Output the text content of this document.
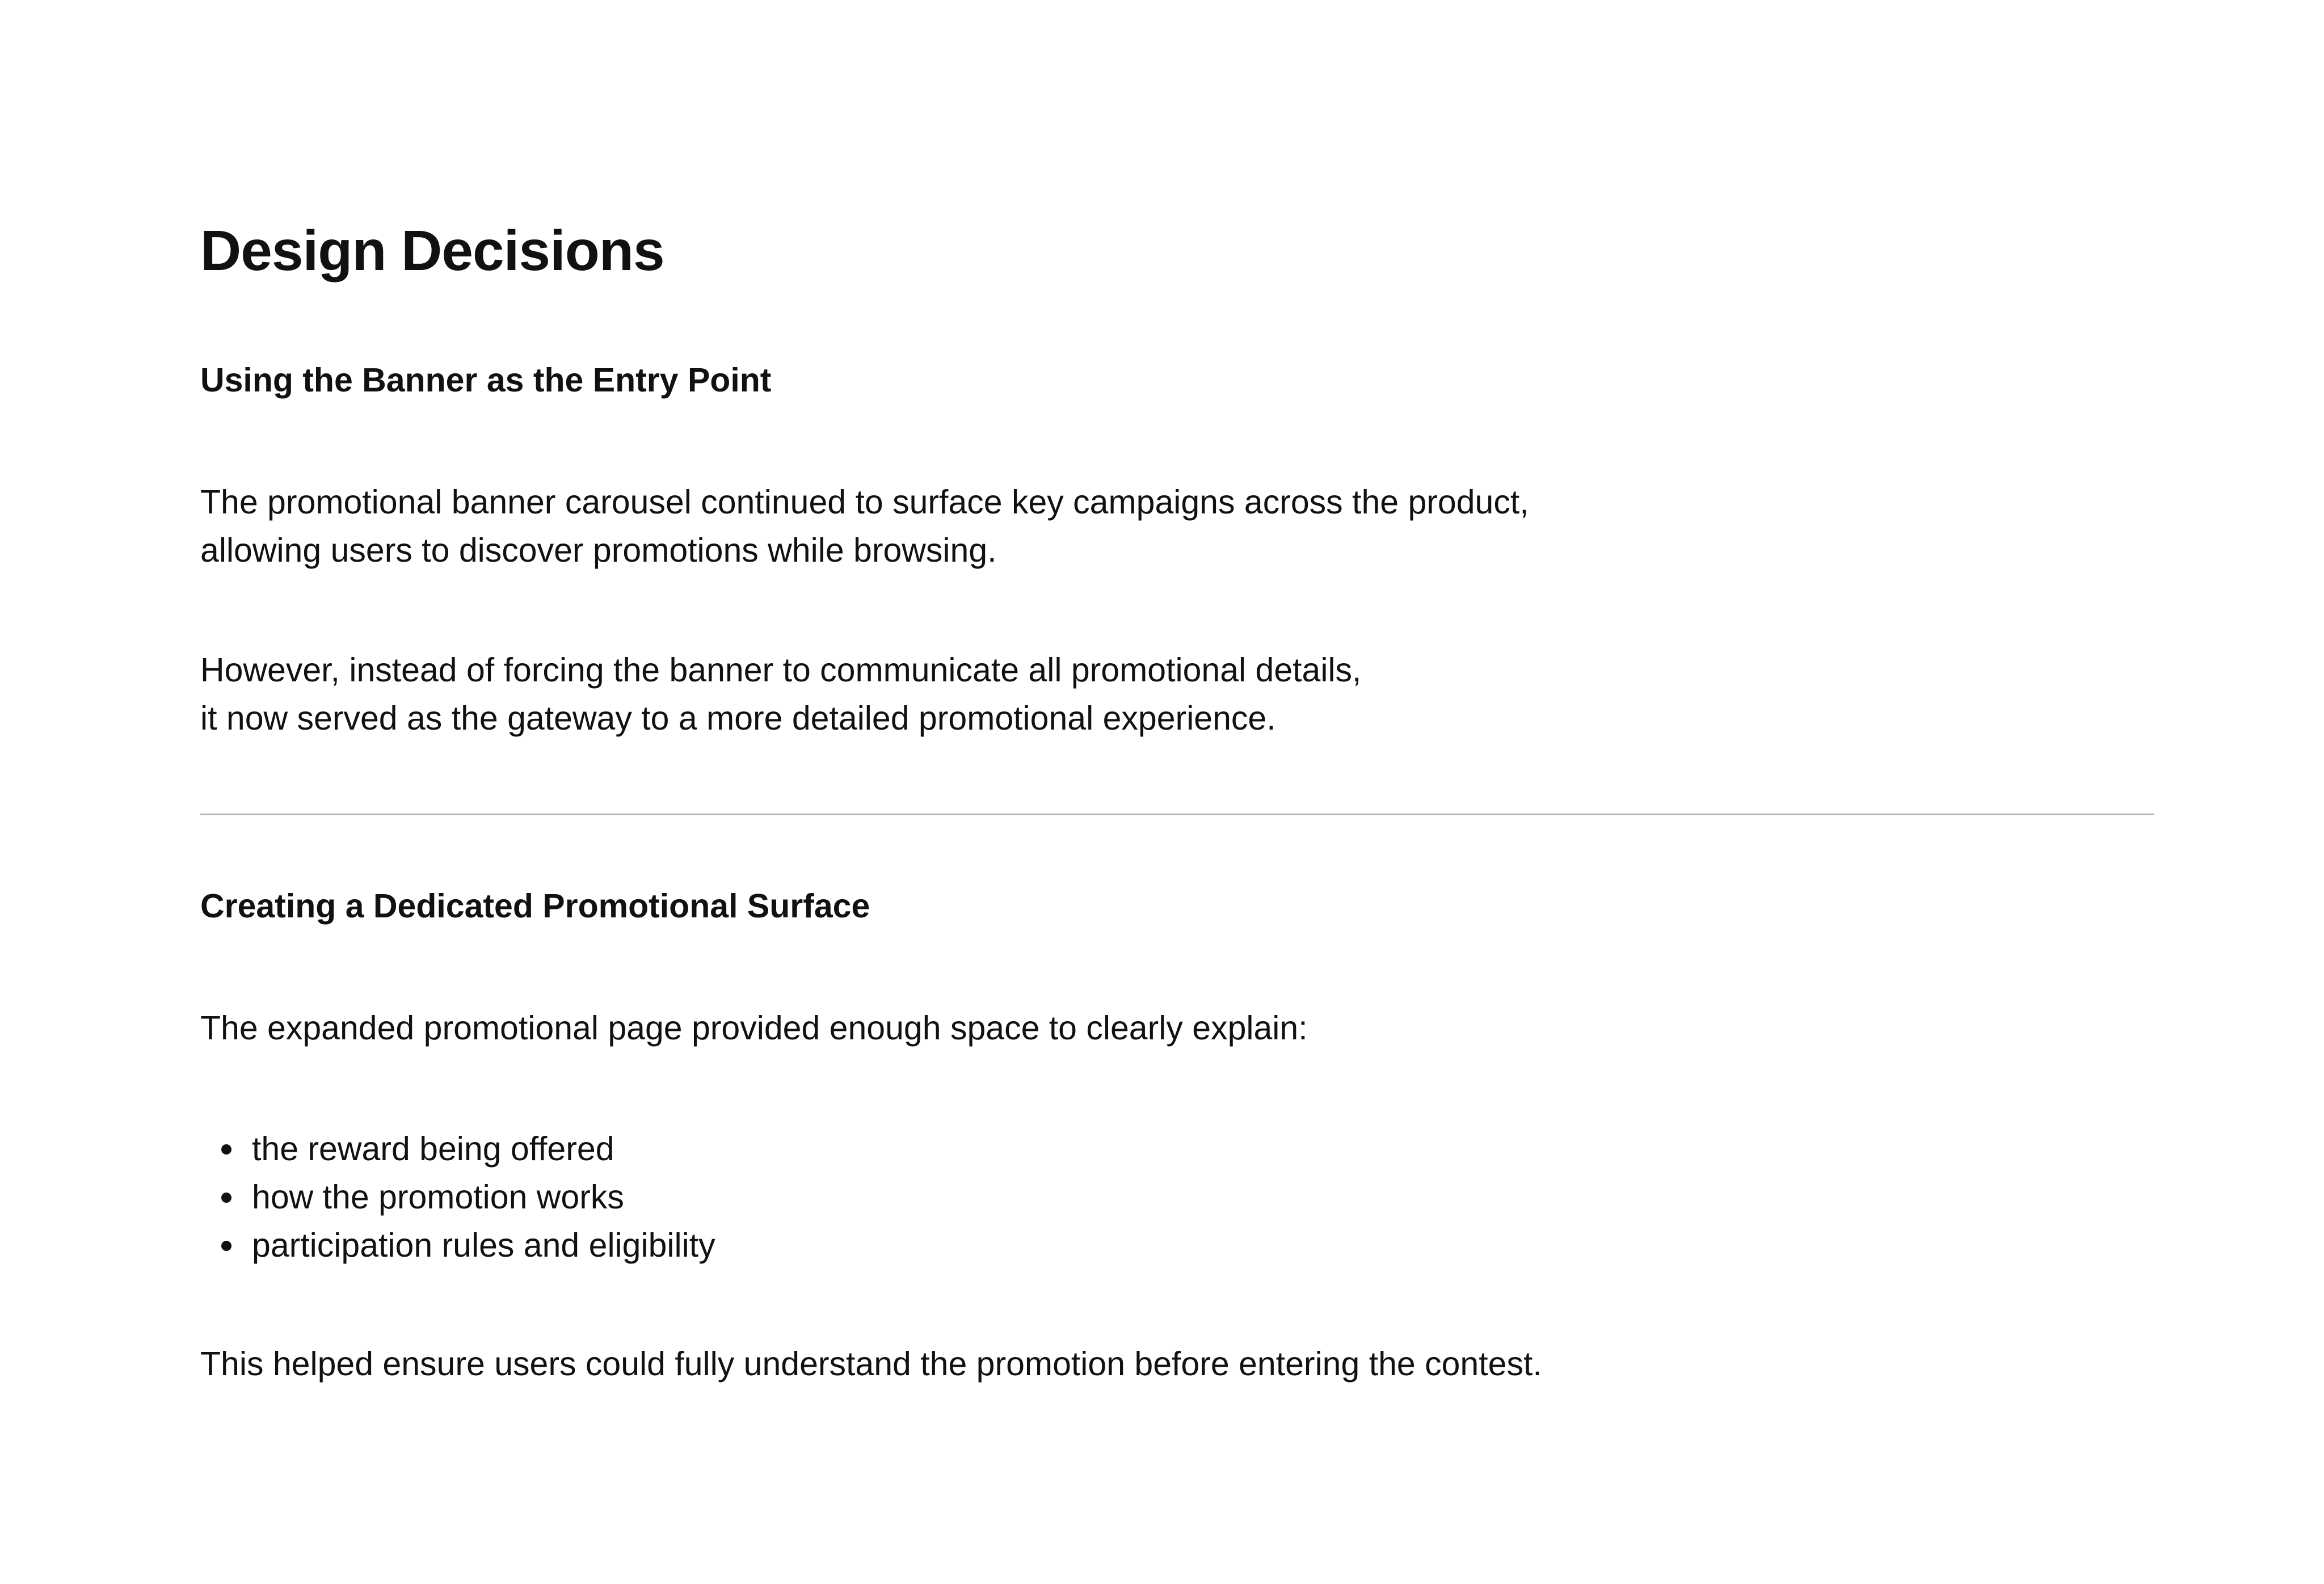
Design Decisions
Using the Banner as the Entry Point

The promotional banner carousel continued to surface key campaigns across the product,
allowing users to discover promotions while browsing.

However, instead of forcing the banner to communicate all promotional details,
it now served as the gateway to a more detailed promotional experience.

Creating a Dedicated Promotional Surface

The expanded promotional page provided enough space to clearly explain:

the reward being offered
how the promotion works
participation rules and eligibility

This helped ensure users could fully understand the promotion before entering the contest.
